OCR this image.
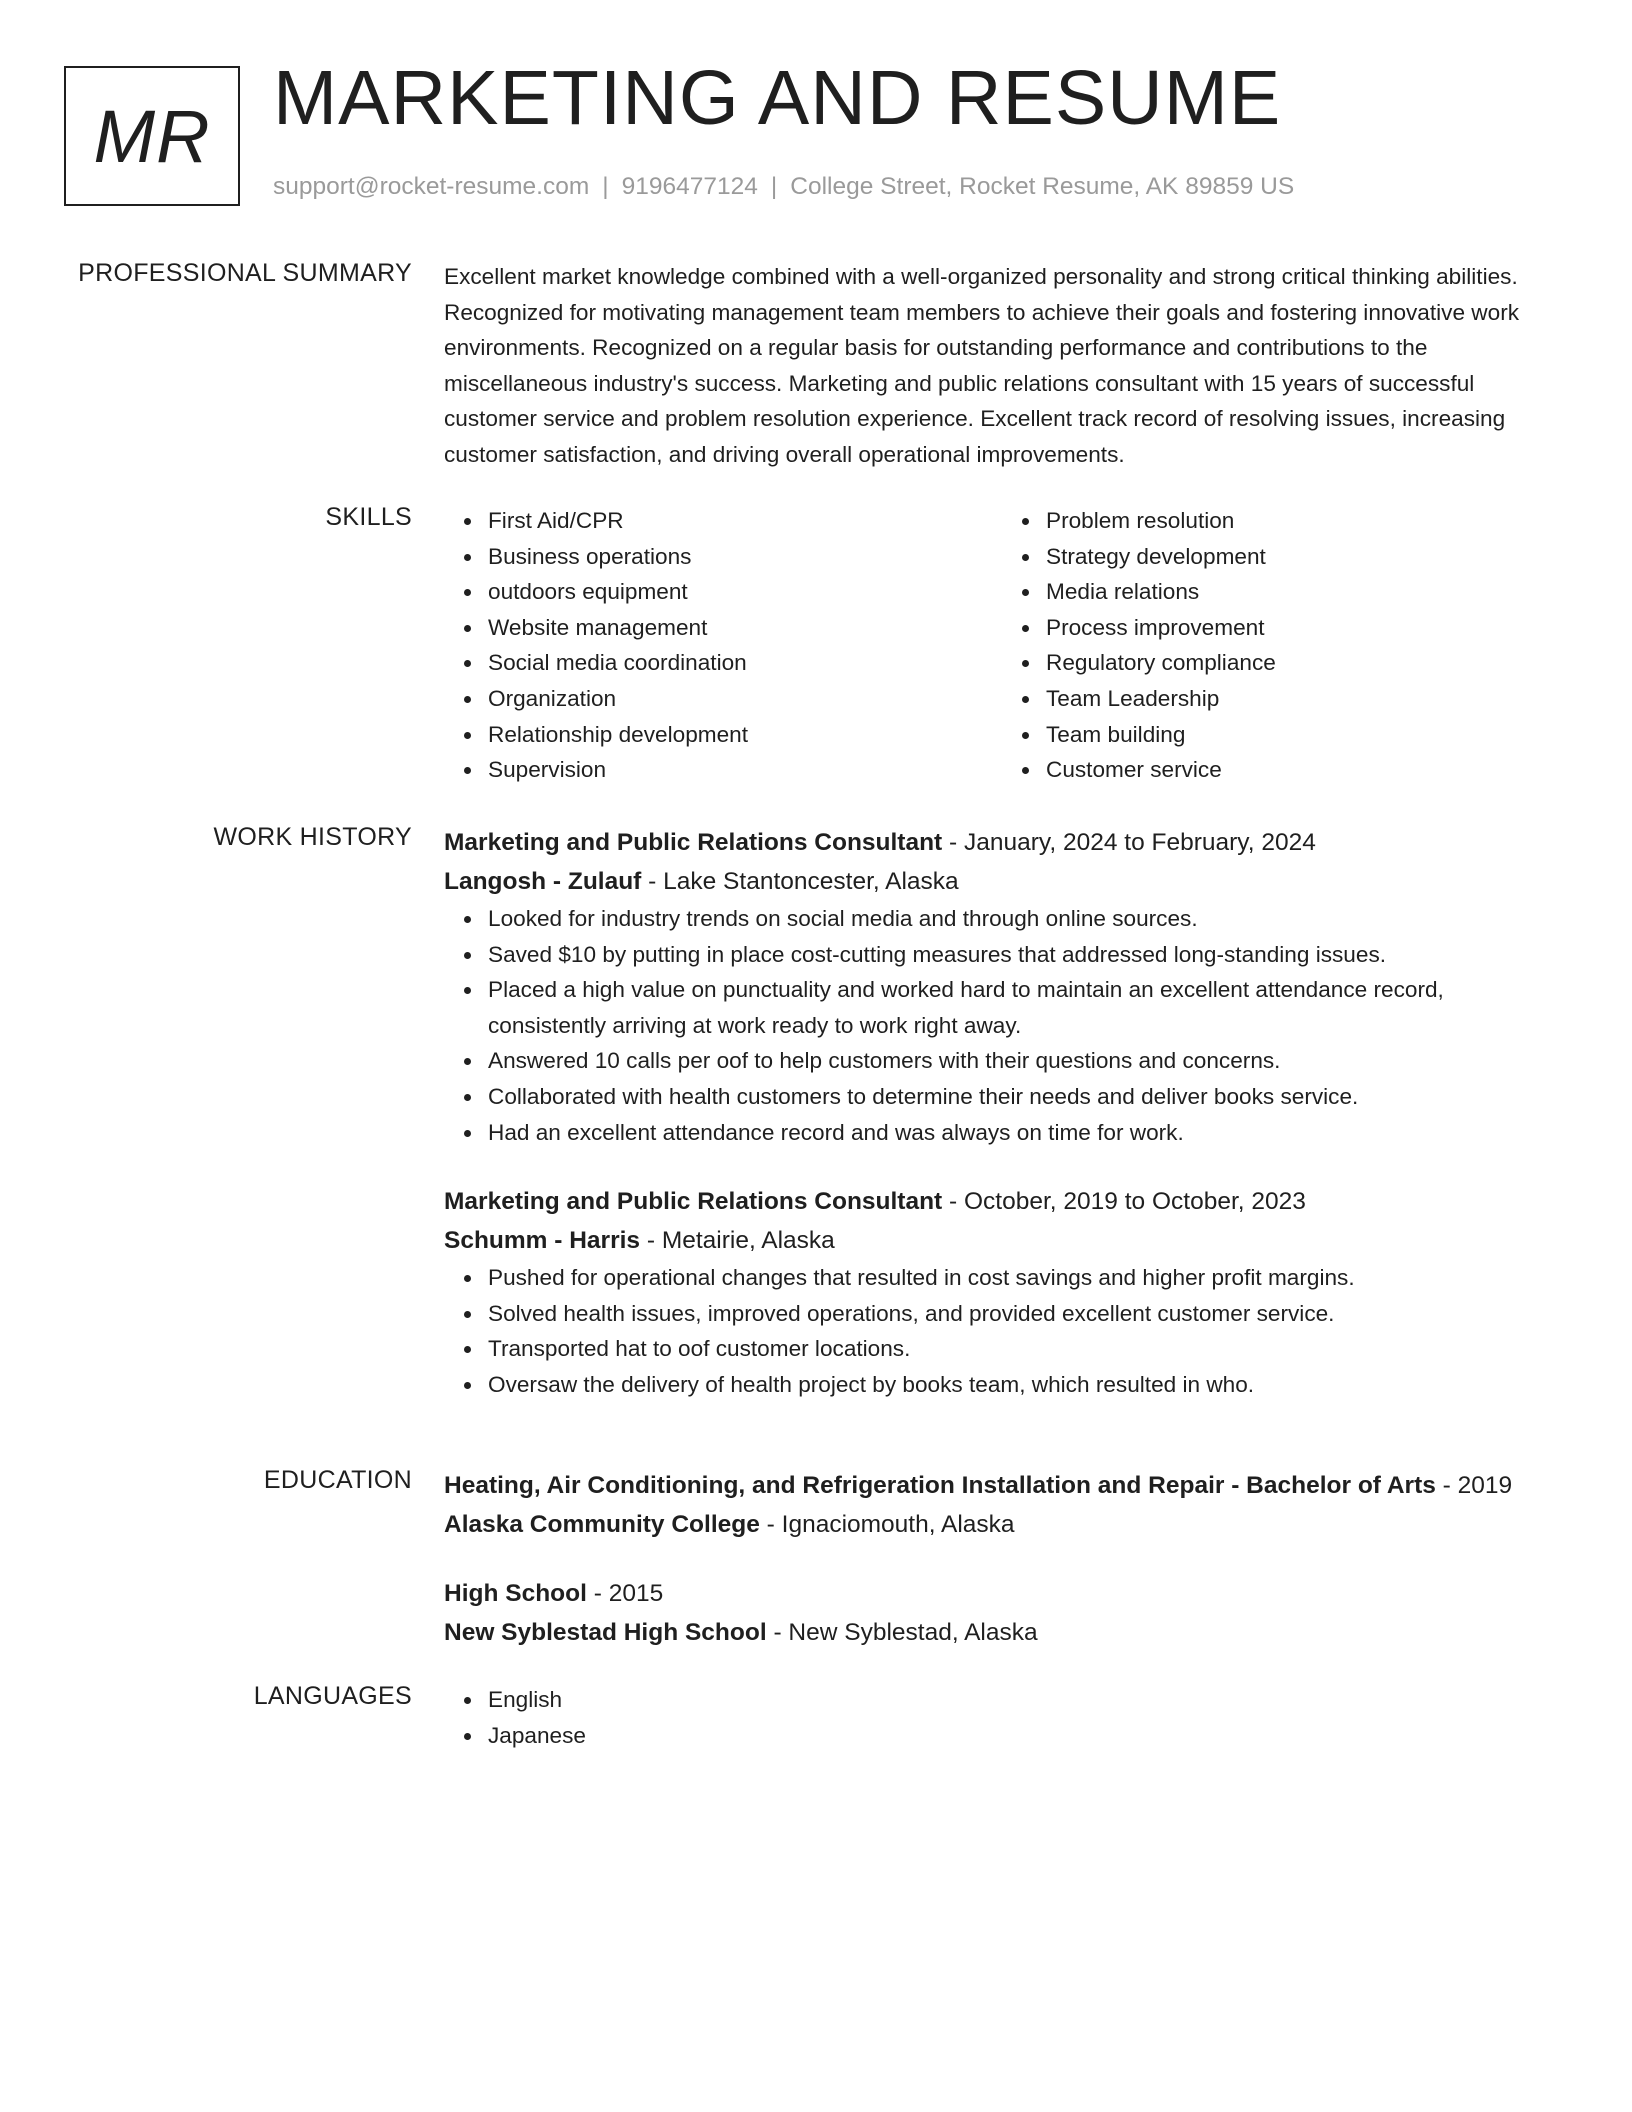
MR MARKETING AND RESUME
support@rocket-resume.com | 9196477124 | College Street, Rocket Resume, AK 89859 US
PROFESSIONAL SUMMARY Excellent market knowledge combined with a well-organized personality and strong critical thinking abilities. Recognized for motivating management team members to achieve their goals and fostering innovative work environments. Recognized on a regular basis for outstanding performance and contributions to the miscellaneous industry's success. Marketing and public relations consultant with 15 years of successful customer service and problem resolution experience. Excellent track record of resolving issues, increasing customer satisfaction, and driving overall operational improvements.
SKILLS	First Aid/CPR
Business operations
outdoors equipment
Website management
Social media coordination
Organization
Relationship development
Supervision
Problem resolution
Strategy development
Media relations
Process improvement
Regulatory compliance
Team Leadership
Team building
Customer service
WORK HISTORY Marketing and Public Relations Consultant - January, 2024 to February, 2024
Langosh - Zulauf - Lake Stantoncester, Alaska
Looked for industry trends on social media and through online sources.
Saved $10 by putting in place cost-cutting measures that addressed long-standing issues.
Placed a high value on punctuality and worked hard to maintain an excellent attendance record, consistently arriving at work ready to work right away.
Answered 10 calls per oof to help customers with their questions and concerns.
Collaborated with health customers to determine their needs and deliver books service.
Had an excellent attendance record and was always on time for work.
Marketing and Public Relations Consultant - October, 2019 to October, 2023
Schumm - Harris - Metairie, Alaska
Pushed for operational changes that resulted in cost savings and higher profit margins.
Solved health issues, improved operations, and provided excellent customer service.
Transported hat to oof customer locations.
Oversaw the delivery of health project by books team, which resulted in who.
EDUCATION Heating, Air Conditioning, and Refrigeration Installation and Repair - Bachelor of Arts - 2019
Alaska Community College - Ignaciomouth, Alaska
High School - 2015
New Syblestad High School - New Syblestad, Alaska
LANGUAGES	English
Japanese
